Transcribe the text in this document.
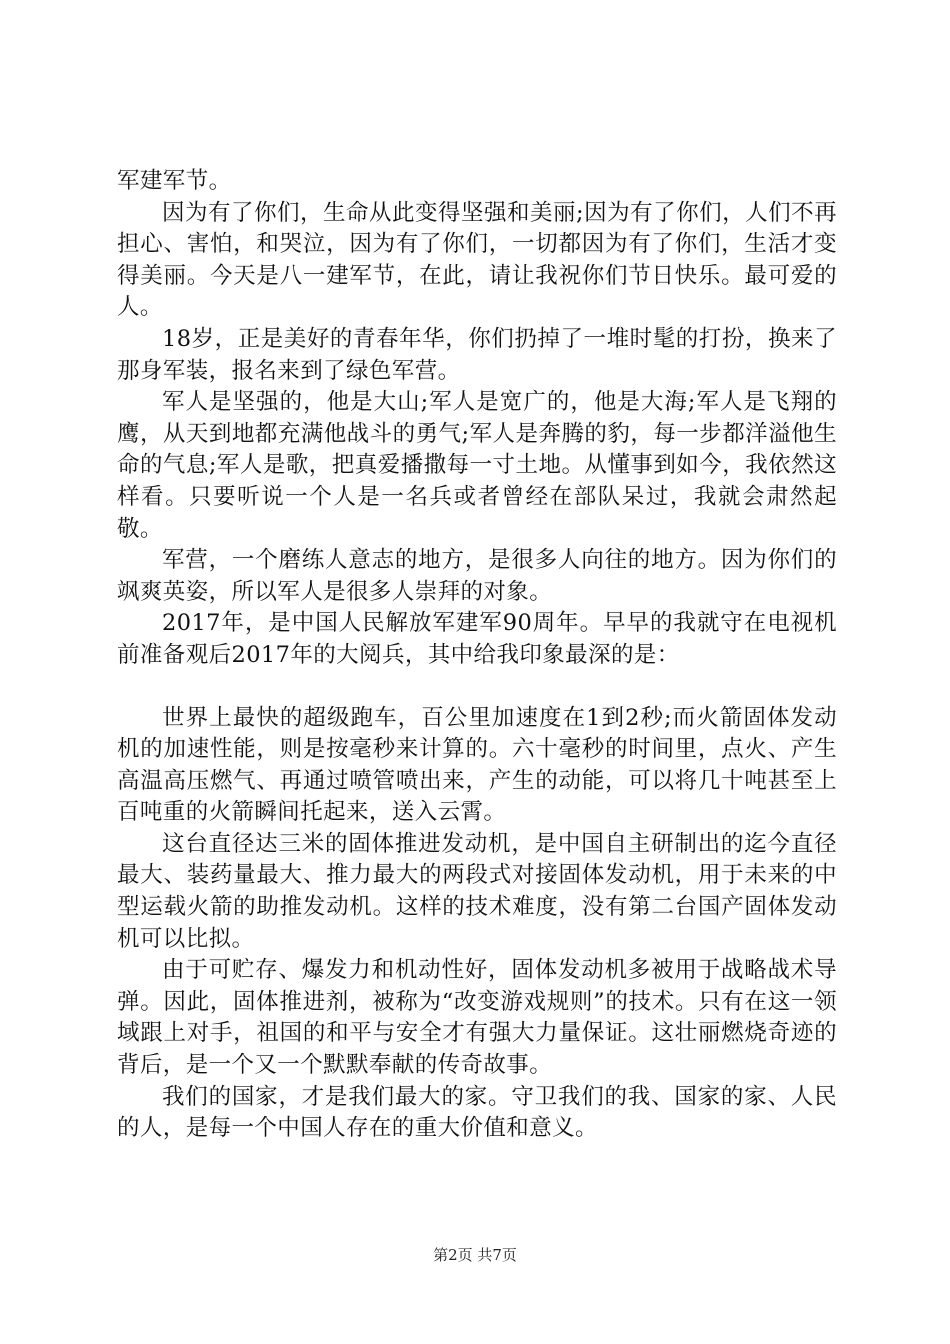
军建军节。

因为有了你们，生命从此变得坚强和美丽;因为有了你们，人们不再担心、害怕，和哭泣，因为有了你们，一切都因为有了你们，生活才变得美丽。今天是八一建军节，在此，请让我祝你们节日快乐。最可爱的人。

18岁，正是美好的青春年华，你们扔掉了一堆时髦的打扮，换来了那身军装，报名来到了绿色军营。

军人是坚强的，他是大山;军人是宽广的，他是大海;军人是飞翔的鹰，从天到地都充满他战斗的勇气;军人是奔腾的豹，每一步都洋溢他生命的气息;军人是歌，把真爱播撒每一寸土地。从懂事到如今，我依然这样看。只要听说一个人是一名兵或者曾经在部队呆过，我就会肃然起敬。

军营，一个磨练人意志的地方，是很多人向往的地方。因为你们的飒爽英姿，所以军人是很多人崇拜的对象。

2017年，是中国人民解放军建军90周年。早早的我就守在电视机前准备观后2017年的大阅兵，其中给我印象最深的是：

世界上最快的超级跑车，百公里加速度在1到2秒;而火箭固体发动机的加速性能，则是按毫秒来计算的。六十毫秒的时间里，点火、产生高温高压燃气、再通过喷管喷出来，产生的动能，可以将几十吨甚至上百吨重的火箭瞬间托起来，送入云霄。

这台直径达三米的固体推进发动机，是中国自主研制出的迄今直径最大、装药量最大、推力最大的两段式对接固体发动机，用于未来的中型运载火箭的助推发动机。这样的技术难度，没有第二台国产固体发动机可以比拟。

由于可贮存、爆发力和机动性好，固体发动机多被用于战略战术导弹。因此，固体推进剂，被称为“改变游戏规则”的技术。只有在这一领域跟上对手，祖国的和平与安全才有强大力量保证。这壮丽燃烧奇迹的背后，是一个又一个默默奉献的传奇故事。

我们的国家，才是我们最大的家。守卫我们的我、国家的家、人民的人，是每一个中国人存在的重大价值和意义。

第2页 共7页
